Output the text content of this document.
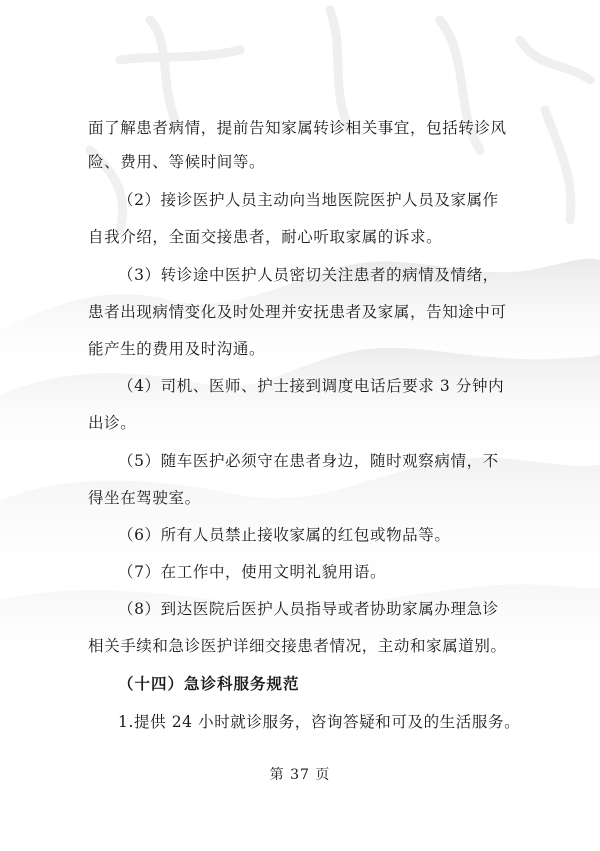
面了解患者病情，提前告知家属转诊相关事宜，包括转诊风
险、费用、等候时间等。
（2）接诊医护人员主动向当地医院医护人员及家属作
自我介绍，全面交接患者，耐心听取家属的诉求。
（3）转诊途中医护人员密切关注患者的病情及情绪，
患者出现病情变化及时处理并安抚患者及家属，告知途中可
能产生的费用及时沟通。
（4）司机、医师、护士接到调度电话后要求 3 分钟内
出诊。
（5）随车医护必须守在患者身边，随时观察病情，不
得坐在驾驶室。
（6）所有人员禁止接收家属的红包或物品等。
（7）在工作中，使用文明礼貌用语。
（8）到达医院后医护人员指导或者协助家属办理急诊
相关手续和急诊医护详细交接患者情况，主动和家属道别。
（十四）急诊科服务规范
1.提供 24 小时就诊服务，咨询答疑和可及的生活服务。
第 37 页
